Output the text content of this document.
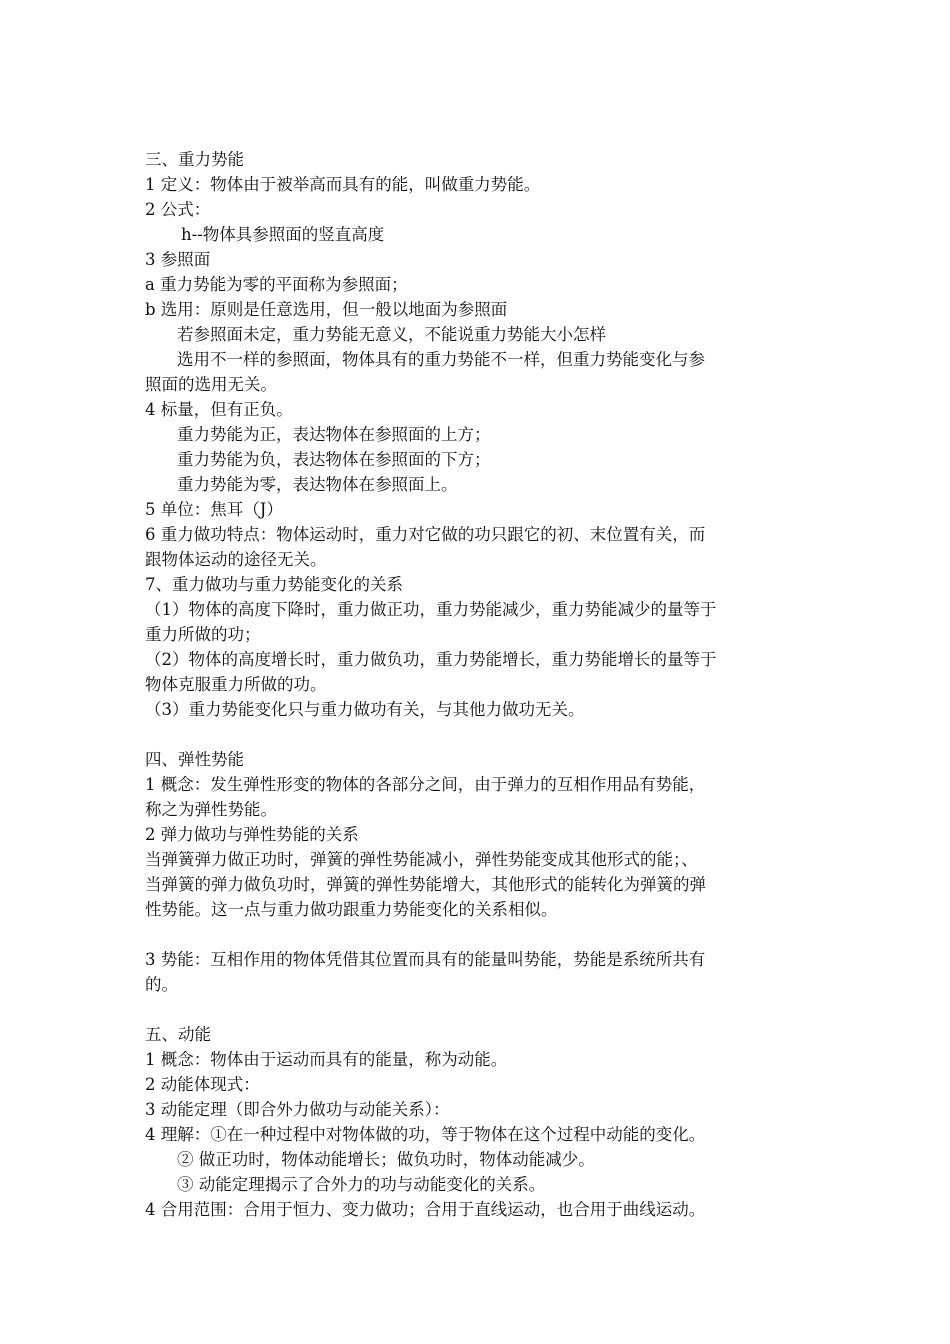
三、重力势能
1 定义：物体由于被举高而具有的能，叫做重力势能。
2 公式：
h--物体具参照面的竖直高度
3 参照面
a 重力势能为零的平面称为参照面；
b 选用：原则是任意选用，但一般以地面为参照面
若参照面未定，重力势能无意义，不能说重力势能大小怎样
选用不一样的参照面，物体具有的重力势能不一样，但重力势能变化与参
照面的选用无关。
4 标量，但有正负。
重力势能为正，表达物体在参照面的上方；
重力势能为负，表达物体在参照面的下方；
重力势能为零，表达物体在参照面上。
5 单位：焦耳（J）
6 重力做功特点：物体运动时，重力对它做的功只跟它的初、末位置有关，而
跟物体运动的途径无关。
7、重力做功与重力势能变化的关系
（1）物体的高度下降时，重力做正功，重力势能减少，重力势能减少的量等于
重力所做的功；
（2）物体的高度增长时，重力做负功，重力势能增长，重力势能增长的量等于
物体克服重力所做的功。
（3）重力势能变化只与重力做功有关，与其他力做功无关。
四、弹性势能
1 概念：发生弹性形变的物体的各部分之间，由于弹力的互相作用品有势能，
称之为弹性势能。
2 弹力做功与弹性势能的关系
当弹簧弹力做正功时，弹簧的弹性势能减小，弹性势能变成其他形式的能；、
当弹簧的弹力做负功时，弹簧的弹性势能增大，其他形式的能转化为弹簧的弹
性势能。这一点与重力做功跟重力势能变化的关系相似。
3 势能：互相作用的物体凭借其位置而具有的能量叫势能，势能是系统所共有
的。
五、动能
1 概念：物体由于运动而具有的能量，称为动能。
2 动能体现式：
3 动能定理（即合外力做功与动能关系）：
4 理解：①在一种过程中对物体做的功，等于物体在这个过程中动能的变化。
② 做正功时，物体动能增长；做负功时，物体动能减少。
③ 动能定理揭示了合外力的功与动能变化的关系。
4 合用范围：合用于恒力、变力做功；合用于直线运动，也合用于曲线运动。
